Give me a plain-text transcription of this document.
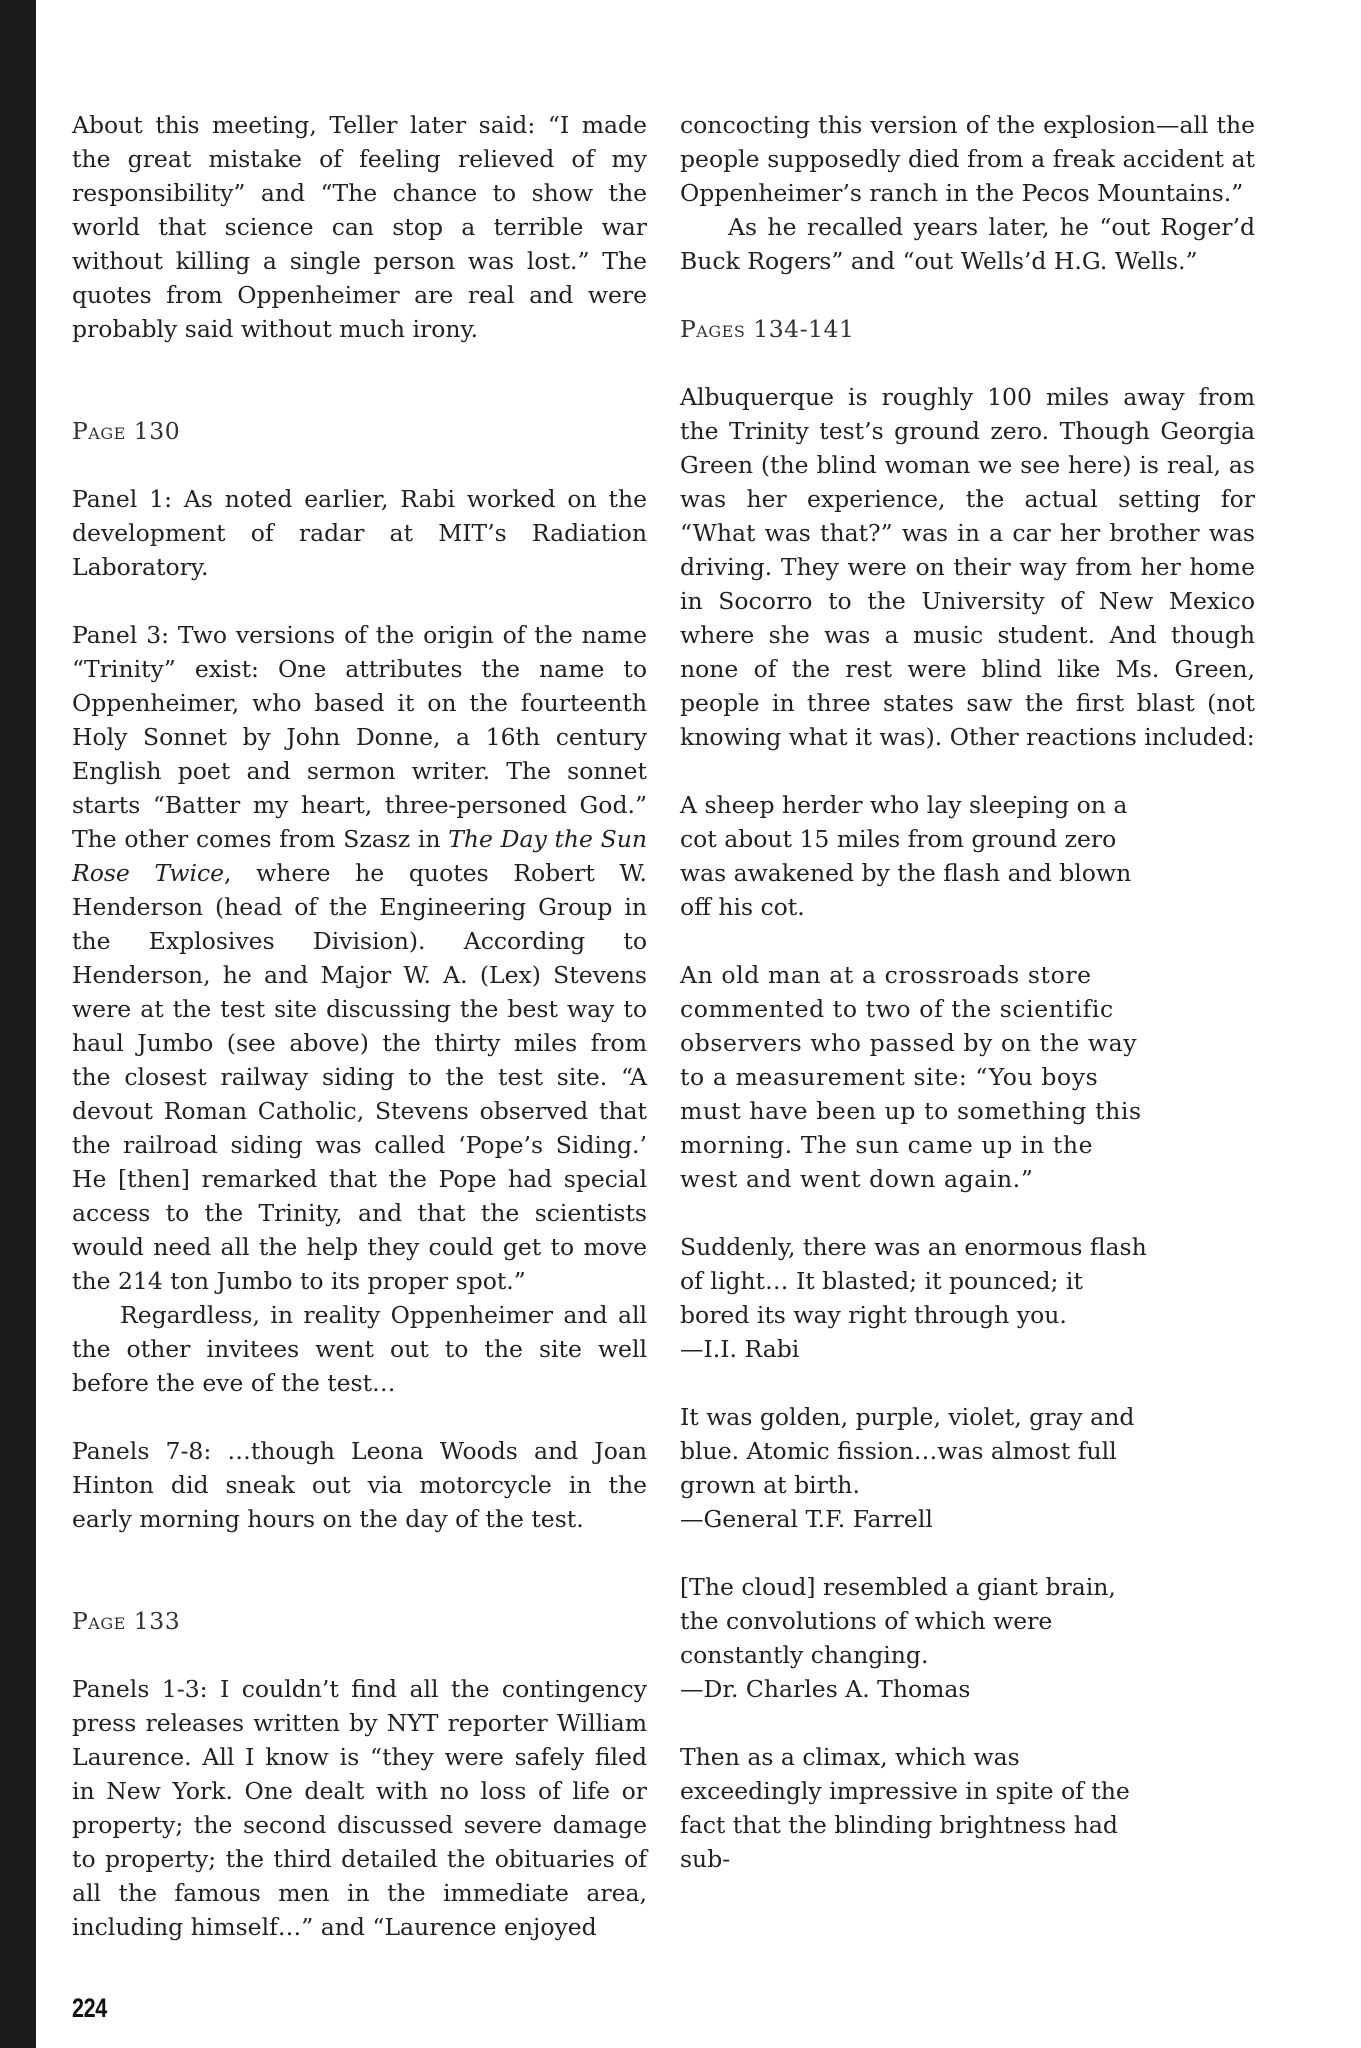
About this meeting, Teller later said: “I made the great mistake of feeling relieved of my responsibility” and “The chance to show the world that science can stop a terrible war without killing a single person was lost.” The quotes from Oppenheimer are real and were probably said without much irony.

Page 130

Panel 1: As noted earlier, Rabi worked on the development of radar at MIT’s Radiation Laboratory.

Panel 3: Two versions of the origin of the name “Trinity” exist: One attributes the name to Oppenheimer, who based it on the fourteenth Holy Sonnet by John Donne, a 16th century English poet and sermon writer. The sonnet starts “Batter my heart, three-personed God.” The other comes from Szasz in The Day the Sun Rose Twice, where he quotes Robert W. Henderson (head of the Engineering Group in the Explosives Division). According to Henderson, he and Major W. A. (Lex) Stevens were at the test site discussing the best way to haul Jumbo (see above) the thirty miles from the closest railway siding to the test site. “A devout Roman Catholic, Stevens observed that the railroad siding was called ‘Pope’s Siding.’ He [then] remarked that the Pope had special access to the Trinity, and that the scientists would need all the help they could get to move the 214 ton Jumbo to its proper spot.”

Regardless, in reality Oppenheimer and all the other invitees went out to the site well before the eve of the test…

Panels 7-8: …though Leona Woods and Joan Hinton did sneak out via motorcycle in the early morning hours on the day of the test.

Page 133

Panels 1-3: I couldn’t find all the contingency press releases written by NYT reporter William Laurence. All I know is “they were safely filed in New York. One dealt with no loss of life or property; the second discussed severe damage to property; the third detailed the obituaries of all the famous men in the immediate area, including himself…” and “Laurence enjoyed

concocting this version of the explosion—all the people supposedly died from a freak accident at Oppenheimer’s ranch in the Pecos Mountains.”

As he recalled years later, he “out Roger’d Buck Rogers” and “out Wells’d H.G. Wells.”

Pages 134-141

Albuquerque is roughly 100 miles away from the Trinity test’s ground zero. Though Georgia Green (the blind woman we see here) is real, as was her experience, the actual setting for “What was that?” was in a car her brother was driving. They were on their way from her home in Socorro to the University of New Mexico where she was a music student. And though none of the rest were blind like Ms. Green, people in three states saw the first blast (not knowing what it was). Other reactions included:

A sheep herder who lay sleeping on a cot about 15 miles from ground zero was awakened by the flash and blown off his cot.

An old man at a crossroads store commented to two of the scientific observers who passed by on the way to a measurement site: “You boys must have been up to something this morning. The sun came up in the west and went down again.”

Suddenly, there was an enormous flash of light… It blasted; it pounced; it bored its way right through you.

—I.I. Rabi

It was golden, purple, violet, gray and blue. Atomic fission…was almost full grown at birth.

—General T.F. Farrell

[The cloud] resembled a giant brain, the convolutions of which were constantly changing.

—Dr. Charles A. Thomas

Then as a climax, which was exceedingly impressive in spite of the fact that the blinding brightness had sub-

224
